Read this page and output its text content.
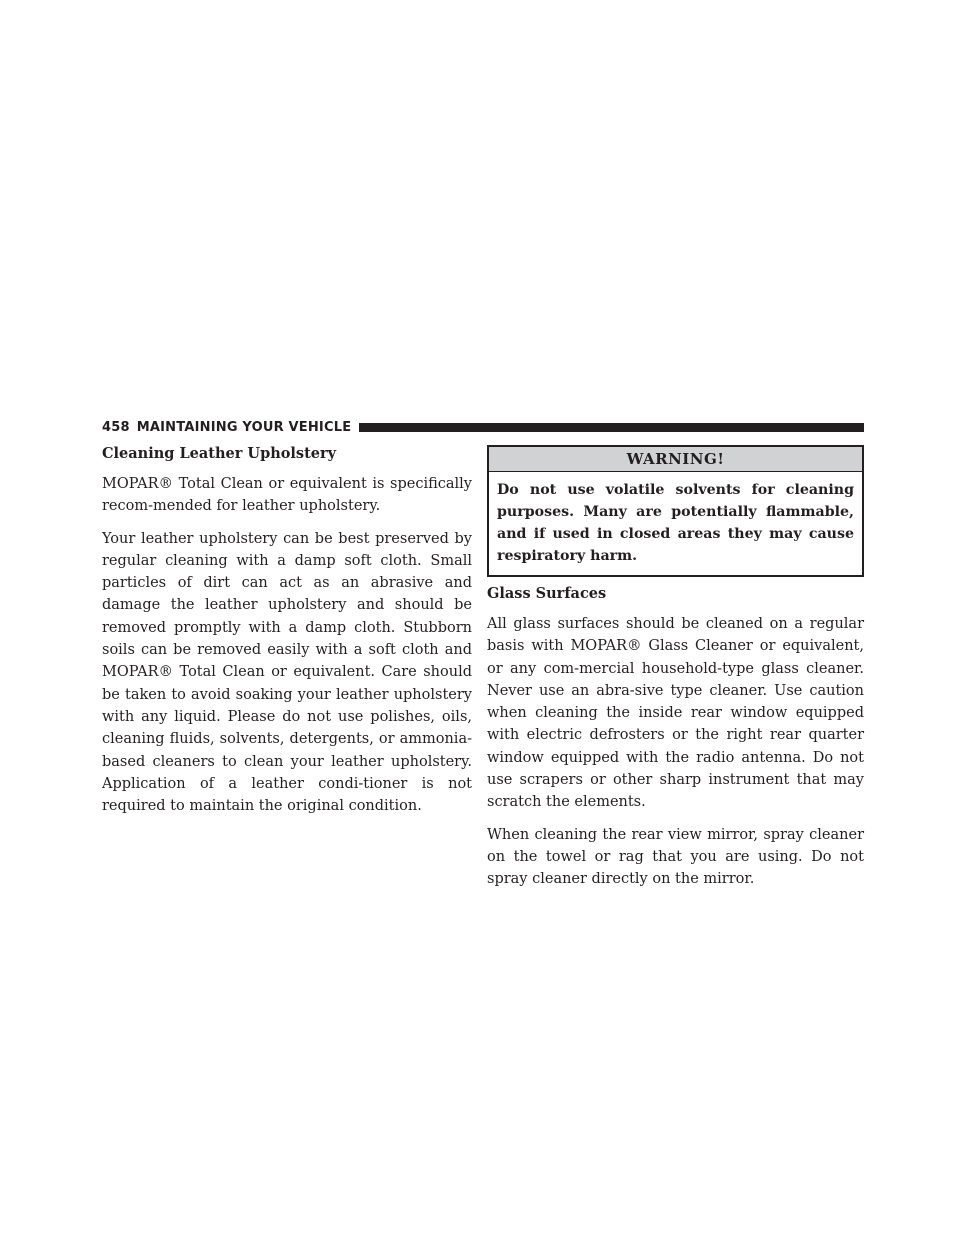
458 MAINTAINING YOUR VEHICLE
Cleaning Leather Upholstery

MOPAR® Total Clean or equivalent is specifically recom-mended for leather upholstery.

Your leather upholstery can be best preserved by regular cleaning with a damp soft cloth. Small particles of dirt can act as an abrasive and damage the leather upholstery and should be removed promptly with a damp cloth. Stubborn soils can be removed easily with a soft cloth and MOPAR® Total Clean or equivalent. Care should be taken to avoid soaking your leather upholstery with any liquid. Please do not use polishes, oils, cleaning fluids, solvents, detergents, or ammonia-based cleaners to clean your leather upholstery. Application of a leather condi-tioner is not required to maintain the original condition.

WARNING!
Do not use volatile solvents for cleaning purposes. Many are potentially flammable, and if used in closed areas they may cause respiratory harm.
Glass Surfaces

All glass surfaces should be cleaned on a regular basis with MOPAR® Glass Cleaner or equivalent, or any com-mercial household-type glass cleaner. Never use an abra-sive type cleaner. Use caution when cleaning the inside rear window equipped with electric defrosters or the right rear quarter window equipped with the radio antenna. Do not use scrapers or other sharp instrument that may scratch the elements.

When cleaning the rear view mirror, spray cleaner on the towel or rag that you are using. Do not spray cleaner directly on the mirror.
